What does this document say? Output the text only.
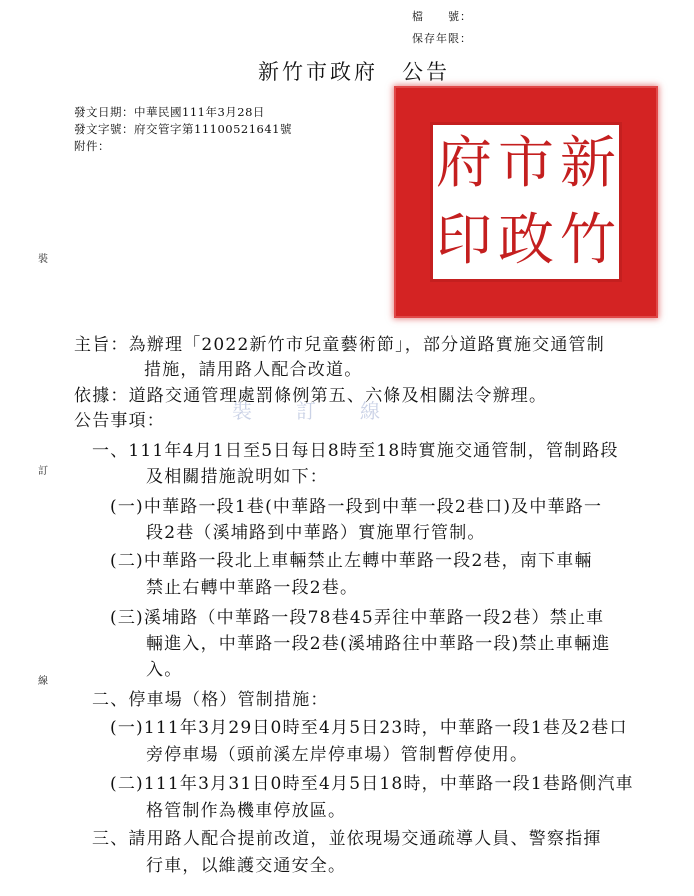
檔　　號：
保存年限：
新竹市政府　公告
發文日期：中華民國111年3月28日
發文字號：府交管字第11100521641號
附件：	府 市 新
印 政 竹
裝
訂
線
裝　訂　線
主旨：為辦理「2022新竹市兒童藝術節」，部分道路實施交通管制
措施，請用路人配合改道。
依據：道路交通管理處罰條例第五、六條及相關法令辦理。
公告事項：
一、111年4月1日至5日每日8時至18時實施交通管制，管制路段
及相關措施說明如下：
(一)中華路一段1巷(中華路一段到中華一段2巷口)及中華路一
段2巷（溪埔路到中華路）實施單行管制。
(二)中華路一段北上車輛禁止左轉中華路一段2巷，南下車輛
禁止右轉中華路一段2巷。
(三)溪埔路（中華路一段78巷45弄往中華路一段2巷）禁止車
輛進入，中華路一段2巷(溪埔路往中華路一段)禁止車輛進
入。
二、停車場（格）管制措施：
(一)111年3月29日0時至4月5日23時，中華路一段1巷及2巷口
旁停車場（頭前溪左岸停車場）管制暫停使用。
(二)111年3月31日0時至4月5日18時，中華路一段1巷路側汽車
格管制作為機車停放區。
三、請用路人配合提前改道，並依現場交通疏導人員、警察指揮
行車，以維護交通安全。
